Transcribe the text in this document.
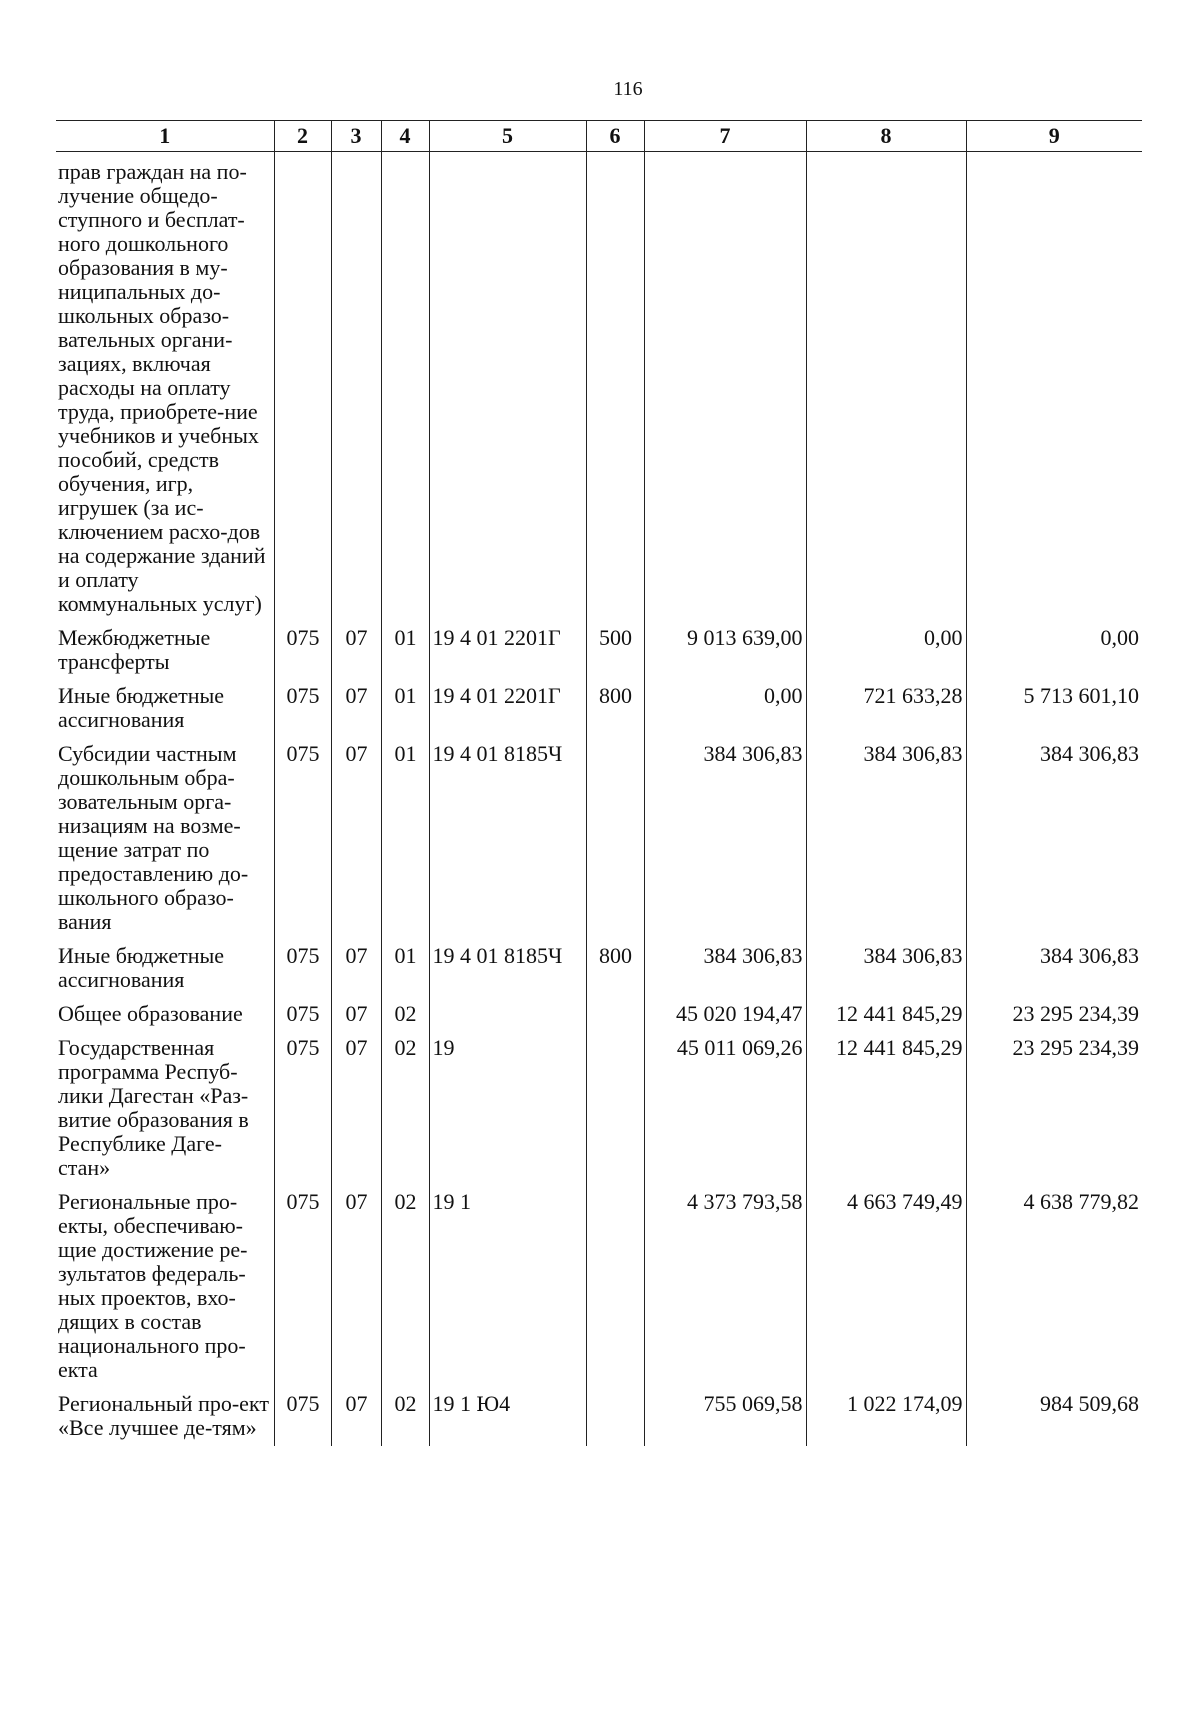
116
1	2	3	4	5	6	7	8	9
прав граждан на по-лучение общедо-ступного и бесплат-ного дошкольного образования в му-ниципальных до-школьных образо-вательных органи-зациях, включая расходы на оплату труда, приобрете-ние учебников и учебных пособий, средств обучения, игр, игрушек (за ис-ключением расхо-дов на содержание зданий и оплату коммунальных услуг)								
Межбюджетные трансферты	075	07	01	19 4 01 2201Г	500	9 013 639,00	0,00	0,00
Иные бюджетные ассигнования	075	07	01	19 4 01 2201Г	800	0,00	721 633,28	5 713 601,10
Субсидии частным дошкольным обра-зовательным орга-низациям на возме-щение затрат по предоставлению до-школьного образо-вания	075	07	01	19 4 01 8185Ч		384 306,83	384 306,83	384 306,83
Иные бюджетные ассигнования	075	07	01	19 4 01 8185Ч	800	384 306,83	384 306,83	384 306,83
Общее образование	075	07	02			45 020 194,47	12 441 845,29	23 295 234,39
Государственная программа Респуб-лики Дагестан «Раз-витие образования в Республике Даге-стан»	075	07	02	19		45 011 069,26	12 441 845,29	23 295 234,39
Региональные про-екты, обеспечиваю-щие достижение ре-зультатов федераль-ных проектов, вхо-дящих в состав национального про-екта	075	07	02	19 1		4 373 793,58	4 663 749,49	4 638 779,82
Региональный про-ект «Все лучшее де-тям»	075	07	02	19 1 Ю4		755 069,58	1 022 174,09	984 509,68
